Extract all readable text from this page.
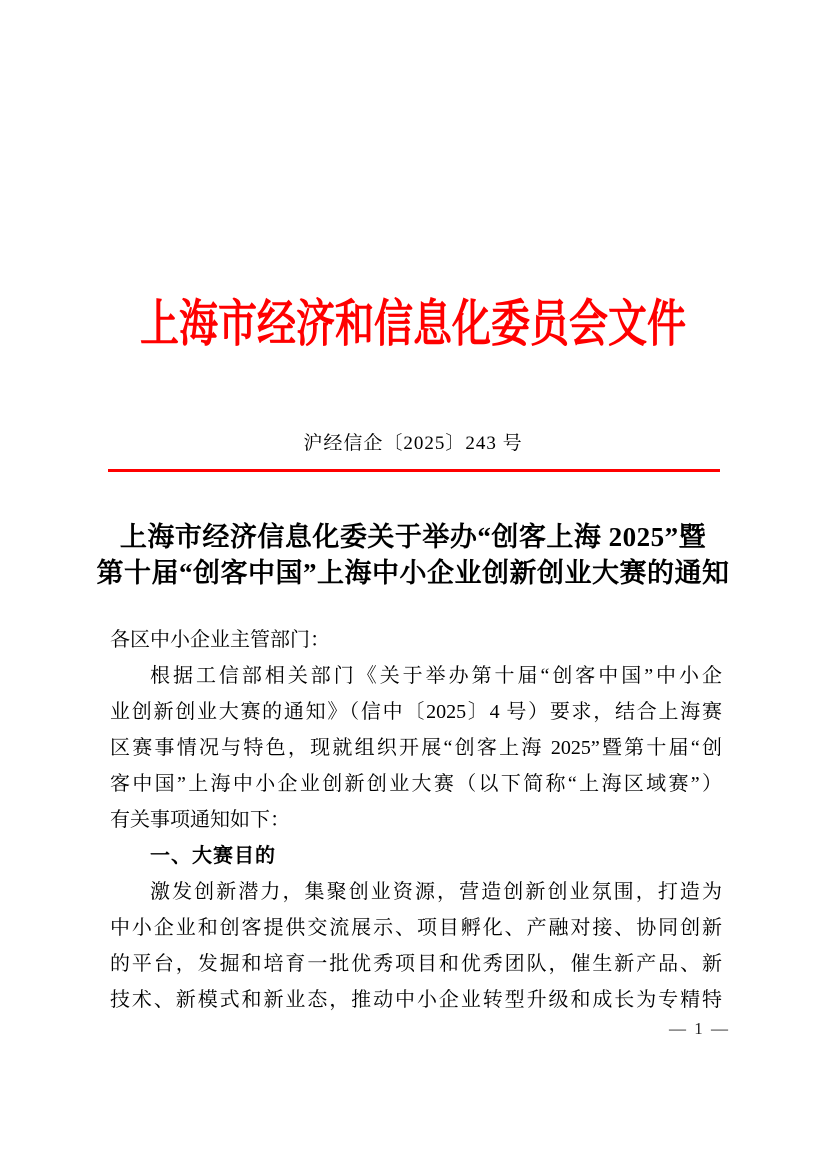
上海市经济和信息化委员会文件
沪经信企〔2025〕243 号
上海市经济信息化委关于举办“创客上海 2025”暨
第十届“创客中国”上海中小企业创新创业大赛的通知
各区中小企业主管部门：
根据工信部相关部门《关于举办第十届“创客中国”中小企
业创新创业大赛的通知》（信中〔2025〕4 号）要求，结合上海赛
区赛事情况与特色，现就组织开展“创客上海 2025”暨第十届“创
客中国”上海中小企业创新创业大赛（以下简称“上海区域赛”）
有关事项通知如下：
一、大赛目的
激发创新潜力，集聚创业资源，营造创新创业氛围，打造为
中小企业和创客提供交流展示、项目孵化、产融对接、协同创新
的平台，发掘和培育一批优秀项目和优秀团队，催生新产品、新
技术、新模式和新业态，推动中小企业转型升级和成长为专精特
— 1 —
